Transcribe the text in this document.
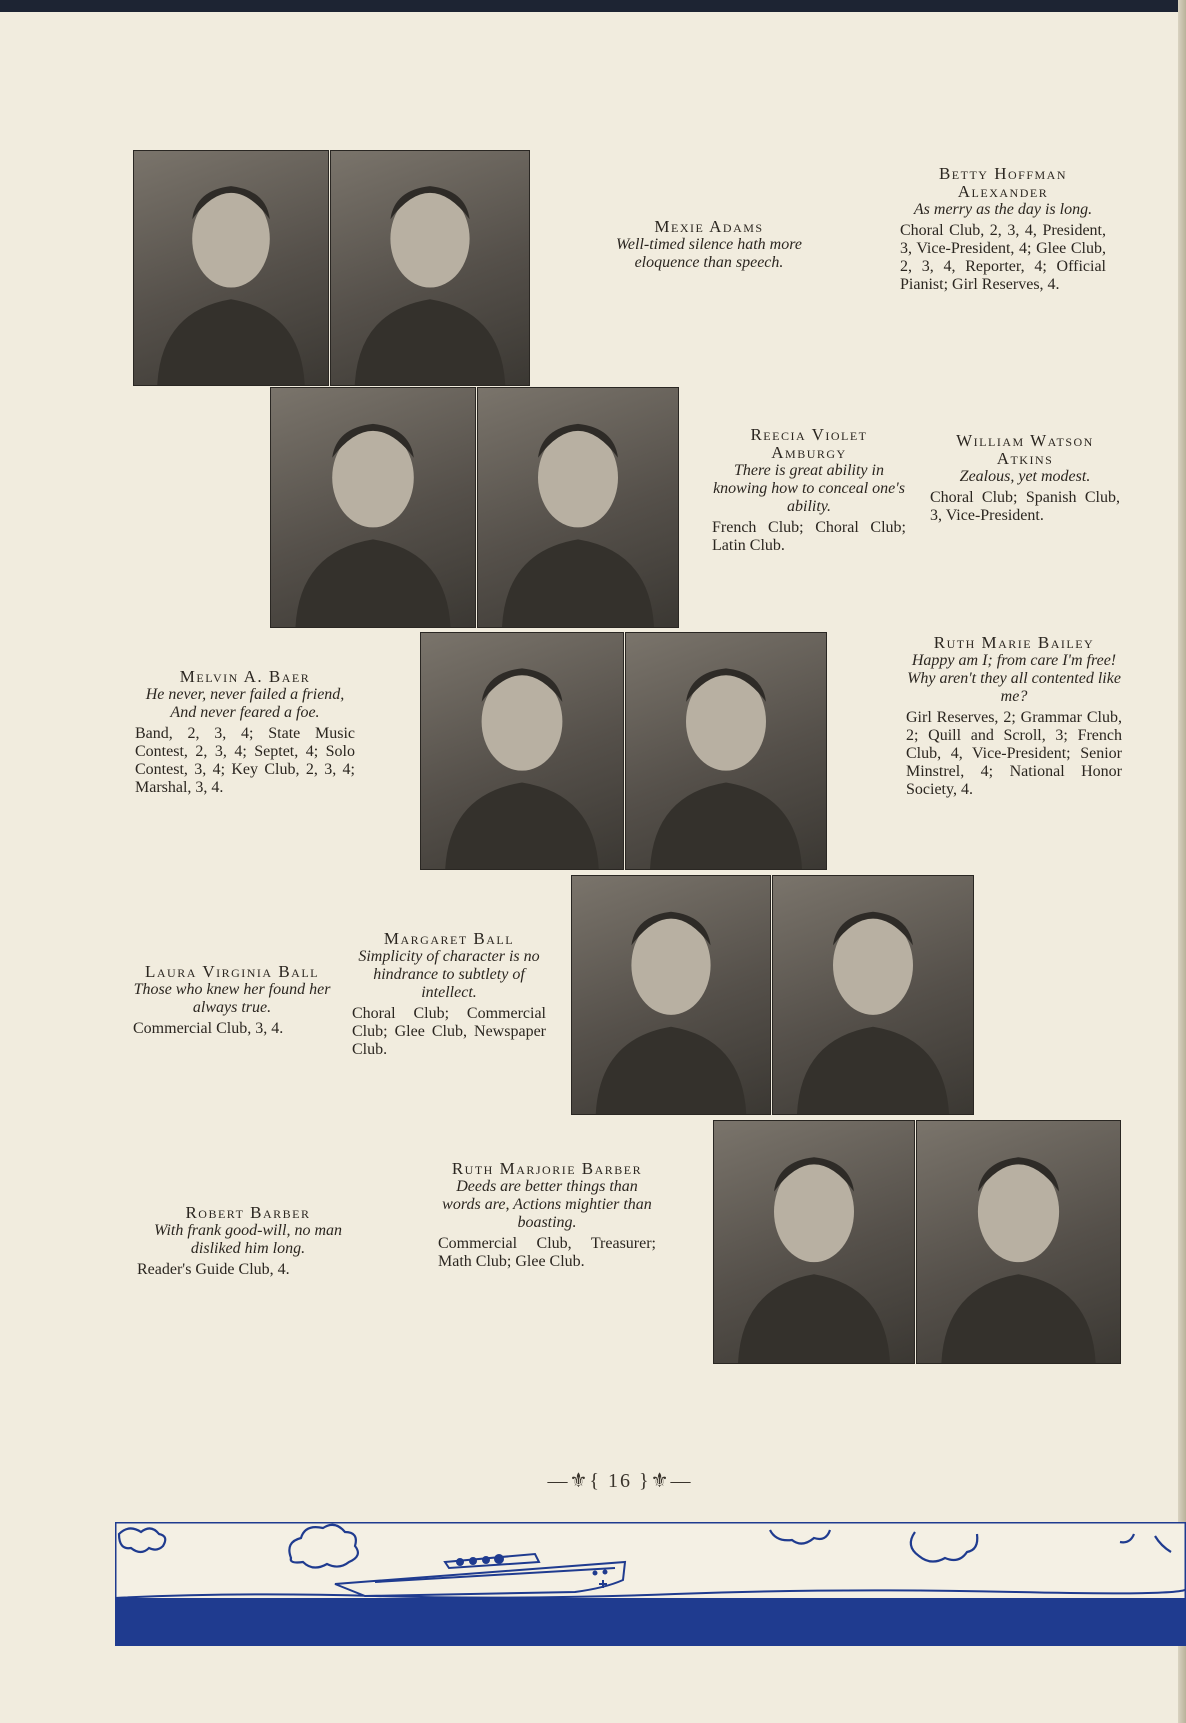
Mexie Adams
Well-timed silence hath more eloquence than speech.
Betty Hoffman Alexander
As merry as the day is long.
Choral Club, 2, 3, 4, President, 3, Vice-President, 4; Glee Club, 2, 3, 4, Reporter, 4; Official Pianist; Girl Reserves, 4.
Reecia Violet Amburgy
There is great ability in knowing how to conceal one's ability.
French Club; Choral Club; Latin Club.
William Watson Atkins
Zealous, yet modest.
Choral Club; Spanish Club, 3, Vice-President.
Melvin A. Baer
He never, never failed a friend, And never feared a foe.
Band, 2, 3, 4; State Music Contest, 2, 3, 4; Septet, 4; Solo Contest, 3, 4; Key Club, 2, 3, 4; Marshal, 3, 4.
Ruth Marie Bailey
Happy am I; from care I'm free! Why aren't they all contented like me?
Girl Reserves, 2; Grammar Club, 2; Quill and Scroll, 3; French Club, 4, Vice-President; Senior Minstrel, 4; National Honor Society, 4.
Laura Virginia Ball
Those who knew her found her always true.
Commercial Club, 3, 4.
Margaret Ball
Simplicity of character is no hindrance to subtlety of intellect.
Choral Club; Commercial Club; Glee Club, Newspaper Club.
Robert Barber
With frank good-will, no man disliked him long.
Reader's Guide Club, 4.
Ruth Marjorie Barber
Deeds are better things than words are, Actions mightier than boasting.
Commercial Club, Treasurer; Math Club; Glee Club.
—⚜{ 16 }⚜—
